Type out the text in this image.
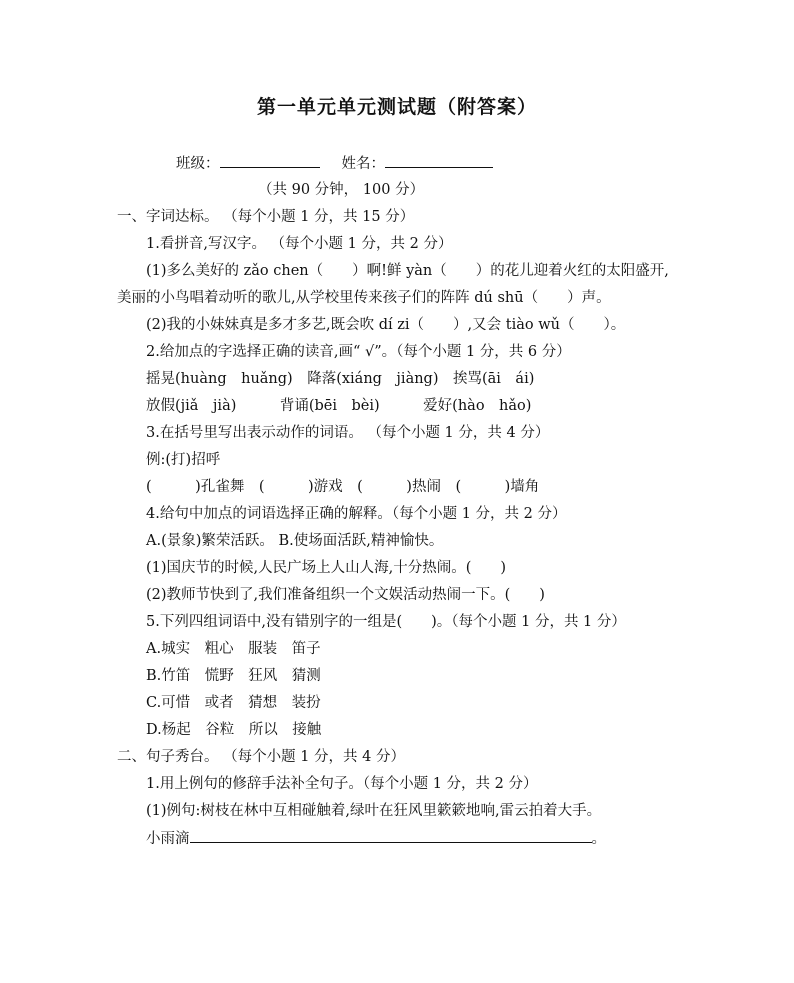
第一单元单元测试题（附答案）
班级：	姓名：
（共 90 分钟， 100 分）
一、字词达标。 （每个小题 1 分，共 15 分）
1.看拼音,写汉字。 （每个小题 1 分，共 2 分）
(1)多么美好的 zǎo chen（　　）啊!鲜 yàn（　　）的花儿迎着火红的太阳盛开,
美丽的小鸟唱着动听的歌儿,从学校里传来孩子们的阵阵 dú shū（　　）声。
(2)我的小妹妹真是多才多艺,既会吹 dí zi（　　）,又会 tiào wǔ（　　）。
2.给加点的字选择正确的读音,画“ √”。（每个小题 1 分，共 6 分）
摇晃(huàng　huǎng)　降落(xiáng　jiàng)　挨骂(āi　ái)
放假(jiǎ　jià)　　　背诵(bēi　bèi)　　　爱好(hào　hǎo)
3.在括号里写出表示动作的词语。 （每个小题 1 分，共 4 分）
例:(打)招呼
(　　　)孔雀舞　(　　　)游戏　(　　　)热闹　(　　　)墙角
4.给句中加点的词语选择正确的解释。（每个小题 1 分，共 2 分）
A.(景象)繁荣活跃。 B.使场面活跃,精神愉快。
(1)国庆节的时候,人民广场上人山人海,十分热闹。(　　)
(2)教师节快到了,我们准备组织一个文娱活动热闹一下。(　　)
5.下列四组词语中,没有错别字的一组是(　　)。（每个小题 1 分，共 1 分）
A.城实　粗心　服装　笛子
B.竹笛　慌野　狂风　猜测
C.可惜　或者　猜想　装扮
D.杨起　谷粒　所以　接触
二、句子秀台。 （每个小题 1 分，共 4 分）
1.用上例句的修辞手法补全句子。（每个小题 1 分，共 2 分）
(1)例句:树枝在林中互相碰触着,绿叶在狂风里簌簌地响,雷云拍着大手。
小雨滴	。
